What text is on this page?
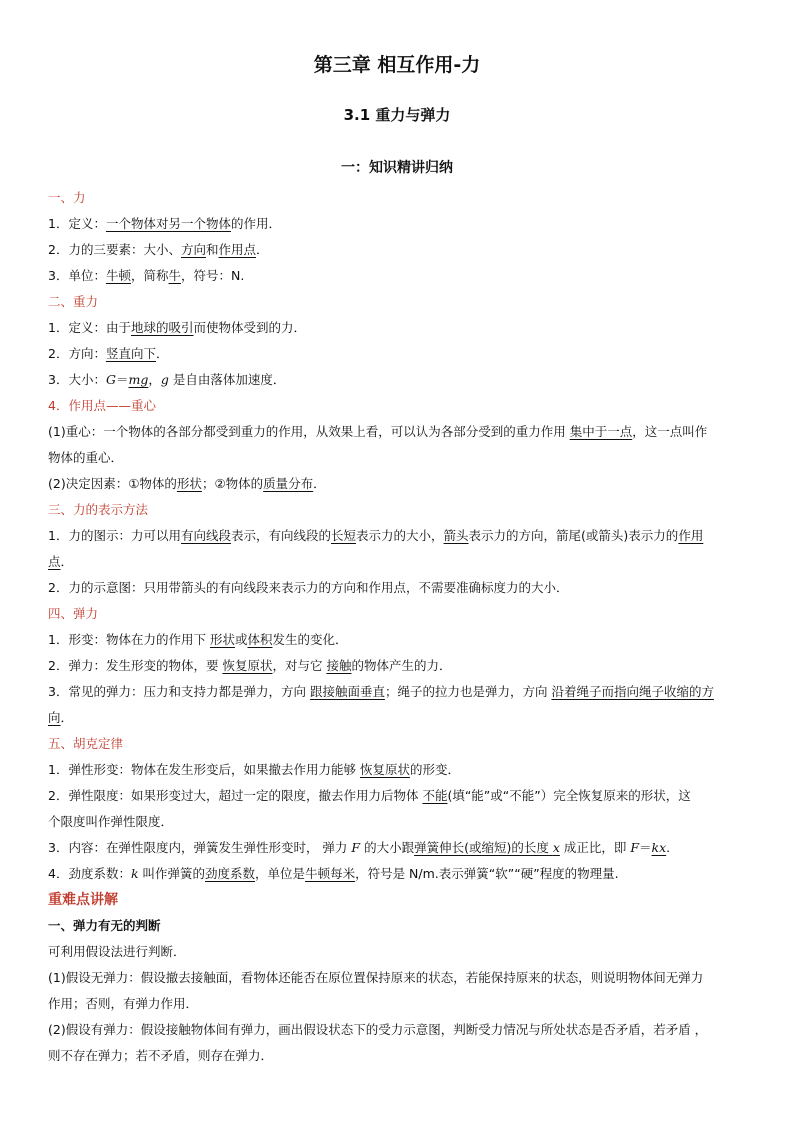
第三章 相互作用-力
3.1 重力与弹力
一：知识精讲归纳
一、力
1．定义：一个物体对另一个物体的作用．
2．力的三要素：大小、方向和作用点．
3．单位：牛顿，简称牛，符号：N.
二、重力
1．定义：由于地球的吸引而使物体受到的力．
2．方向：竖直向下．
3．大小：G＝mg，g 是自由落体加速度．
4．作用点——重心
(1)重心：一个物体的各部分都受到重力的作用，从效果上看，可以认为各部分受到的重力作用 集中于一点，这一点叫作
物体的重心．
(2)决定因素：①物体的形状；②物体的质量分布．
三、力的表示方法
1．力的图示：力可以用有向线段表示，有向线段的长短表示力的大小，箭头表示力的方向，箭尾(或箭头)表示力的作用
点．
2．力的示意图：只用带箭头的有向线段来表示力的方向和作用点，不需要准确标度力的大小．
四、弹力
1．形变：物体在力的作用下 形状或体积发生的变化．
2．弹力：发生形变的物体，要 恢复原状，对与它 接触的物体产生的力．
3．常见的弹力：压力和支持力都是弹力，方向 跟接触面垂直；绳子的拉力也是弹力，方向 沿着绳子而指向绳子收缩的方
向．
五、胡克定律
1．弹性形变：物体在发生形变后，如果撤去作用力能够 恢复原状的形变．
2．弹性限度：如果形变过大，超过一定的限度，撤去作用力后物体 不能(填“能”或“不能”）完全恢复原来的形状，这
个限度叫作弹性限度．
3．内容：在弹性限度内，弹簧发生弹性形变时， 弹力 F 的大小跟弹簧伸长(或缩短)的长度 x 成正比，即 F＝kx.
4．劲度系数：k 叫作弹簧的劲度系数，单位是牛顿每米，符号是 N/m.表示弹簧“软”“硬”程度的物理量.
重难点讲解
一、弹力有无的判断
可利用假设法进行判断．
(1)假设无弹力：假设撤去接触面，看物体还能否在原位置保持原来的状态，若能保持原来的状态，则说明物体间无弹力
作用；否则，有弹力作用．
(2)假设有弹力：假设接触物体间有弹力，画出假设状态下的受力示意图，判断受力情况与所处状态是否矛盾，若矛盾 ，
则不存在弹力；若不矛盾，则存在弹力．
